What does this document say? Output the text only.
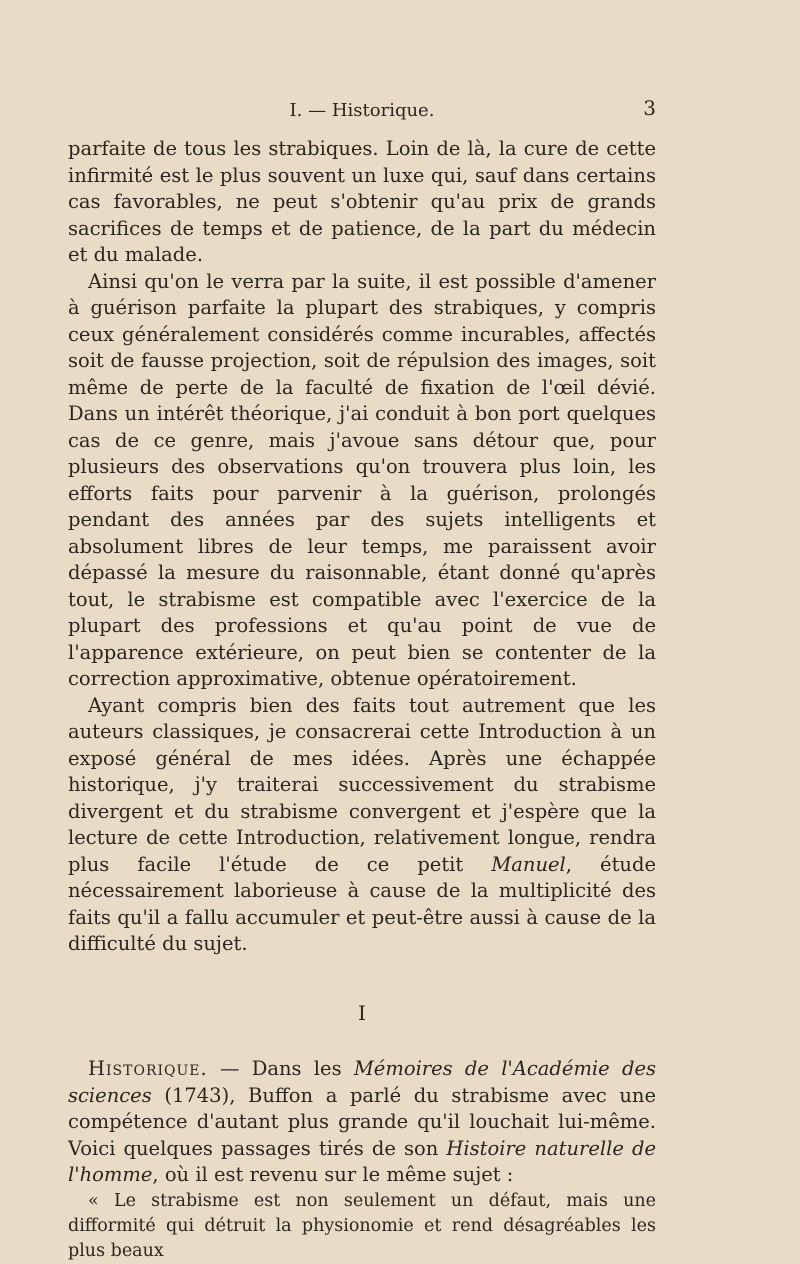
I. — Historique.	3

parfaite de tous les strabiques. Loin de là, la cure de cette infirmité est le plus souvent un luxe qui, sauf dans certains cas favorables, ne peut s'obtenir qu'au prix de grands sacrifices de temps et de patience, de la part du médecin et du malade.

Ainsi qu'on le verra par la suite, il est possible d'amener à guérison parfaite la plupart des strabiques, y compris ceux généralement considérés comme incurables, affectés soit de fausse projection, soit de répulsion des images, soit même de perte de la faculté de fixation de l'œil dévié. Dans un intérêt théorique, j'ai conduit à bon port quelques cas de ce genre, mais j'avoue sans détour que, pour plusieurs des observations qu'on trouvera plus loin, les efforts faits pour parvenir à la guérison, prolongés pendant des années par des sujets intelligents et absolument libres de leur temps, me paraissent avoir dépassé la mesure du raisonnable, étant donné qu'après tout, le strabisme est compatible avec l'exercice de la plupart des professions et qu'au point de vue de l'apparence extérieure, on peut bien se contenter de la correction approximative, obtenue opératoirement.

Ayant compris bien des faits tout autrement que les auteurs classiques, je consacrerai cette Introduction à un exposé général de mes idées. Après une échappée historique, j'y traiterai successivement du strabisme divergent et du strabisme convergent et j'espère que la lecture de cette Introduction, relativement longue, rendra plus facile l'étude de ce petit Manuel, étude nécessairement laborieuse à cause de la multiplicité des faits qu'il a fallu accumuler et peut-être aussi à cause de la difficulté du sujet.

I

Historique. — Dans les Mémoires de l'Académie des sciences (1743), Buffon a parlé du strabisme avec une compétence d'autant plus grande qu'il louchait lui-même. Voici quelques passages tirés de son Histoire naturelle de l'homme, où il est revenu sur le même sujet :

« Le strabisme est non seulement un défaut, mais une difformité qui détruit la physionomie et rend désagréables les plus beaux
